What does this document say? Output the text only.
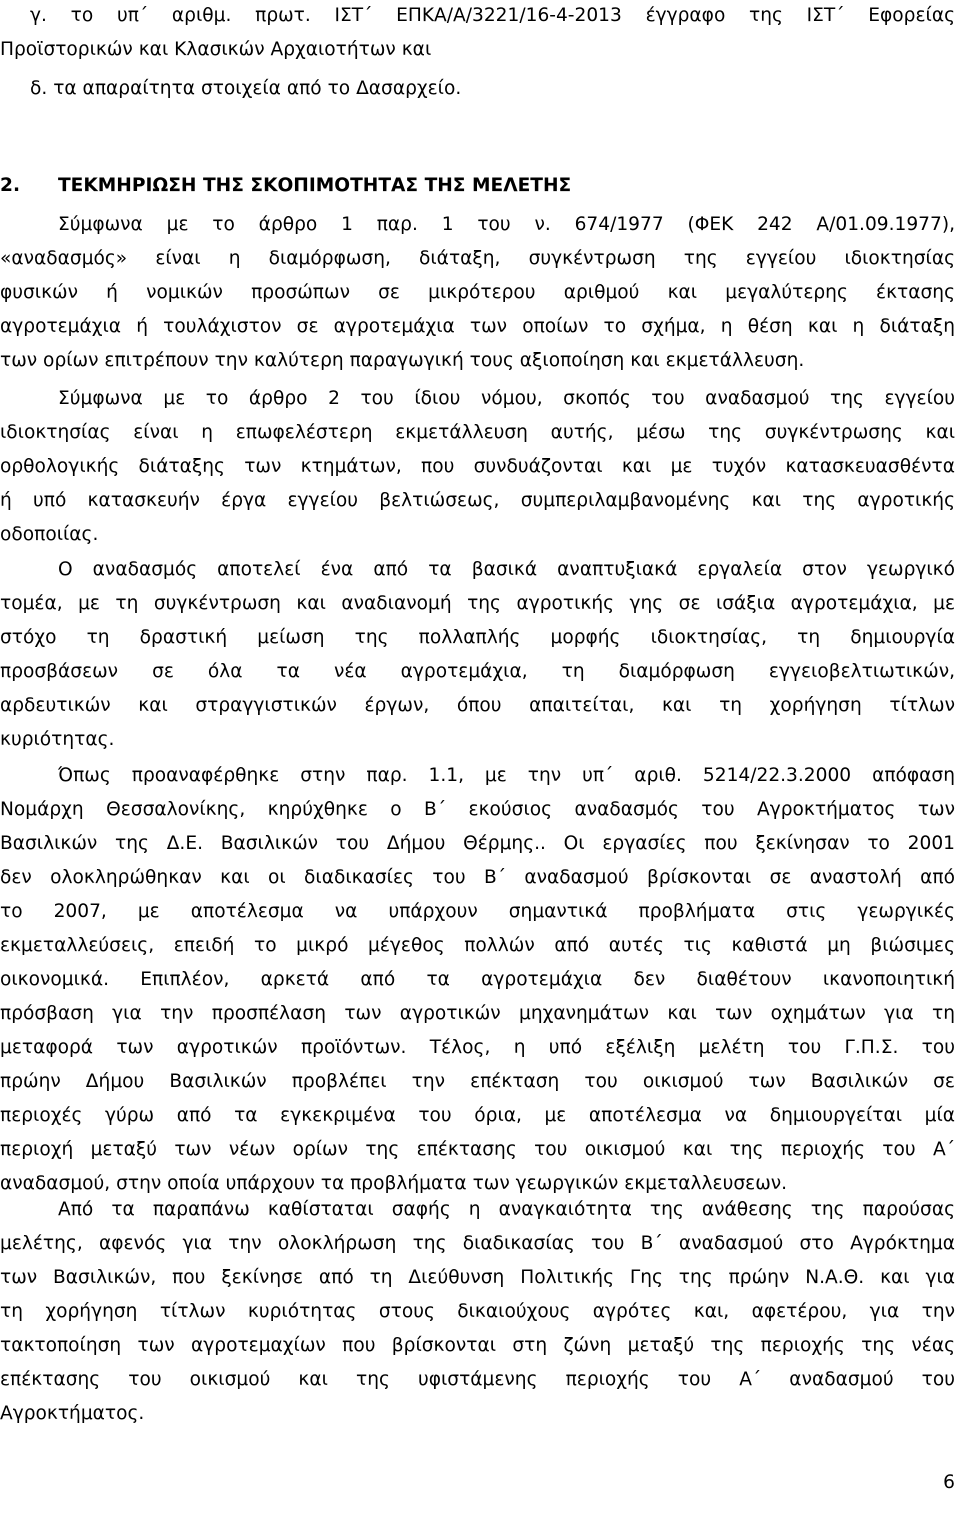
γ. το υπ΄ αριθμ. πρωτ. ΙΣΤ΄ ΕΠΚΑ/Α/3221/16-4-2013 έγγραφο της ΙΣΤ΄ Εφορείας
Προϊστορικών και Κλασικών Αρχαιοτήτων και
δ. τα απαραίτητα στοιχεία από το Δασαρχείο.
2. ΤΕΚΜΗΡΙΩΣΗ ΤΗΣ ΣΚΟΠΙΜΟΤΗΤΑΣ ΤΗΣ ΜΕΛΕΤΗΣ
Σύμφωνα με το άρθρο 1 παρ. 1 του ν. 674/1977 (ΦΕΚ 242 Α/01.09.1977),
«αναδασμός» είναι η διαμόρφωση, διάταξη, συγκέντρωση της εγγείου ιδιοκτησίας
φυσικών ή νομικών προσώπων σε μικρότερου αριθμού και μεγαλύτερης έκτασης
αγροτεμάχια ή τουλάχιστον σε αγροτεμάχια των οποίων το σχήμα, η θέση και η διάταξη
των ορίων επιτρέπουν την καλύτερη παραγωγική τους αξιοποίηση και εκμετάλλευση.
Σύμφωνα με το άρθρο 2 του ίδιου νόμου, σκοπός του αναδασμού της εγγείου
ιδιοκτησίας είναι η επωφελέστερη εκμετάλλευση αυτής, μέσω της συγκέντρωσης και
ορθολογικής διάταξης των κτημάτων, που συνδυάζονται και με τυχόν κατασκευασθέντα
ή υπό κατασκευήν έργα εγγείου βελτιώσεως, συμπεριλαμβανομένης και της αγροτικής
οδοποιίας.
Ο αναδασμός αποτελεί ένα από τα βασικά αναπτυξιακά εργαλεία στον γεωργικό
τομέα, με τη συγκέντρωση και αναδιανομή της αγροτικής γης σε ισάξια αγροτεμάχια, με
στόχο τη δραστική μείωση της πολλαπλής μορφής ιδιοκτησίας, τη δημιουργία
προσβάσεων σε όλα τα νέα αγροτεμάχια, τη διαμόρφωση εγγειοβελτιωτικών,
αρδευτικών και στραγγιστικών έργων, όπου απαιτείται, και τη χορήγηση τίτλων
κυριότητας.
Όπως προαναφέρθηκε στην παρ. 1.1, με την υπ΄ αριθ. 5214/22.3.2000 απόφαση
Νομάρχη Θεσσαλονίκης, κηρύχθηκε ο Β΄ εκούσιος αναδασμός του Αγροκτήματος των
Βασιλικών της Δ.Ε. Βασιλικών του Δήμου Θέρμης.. Οι εργασίες που ξεκίνησαν το 2001
δεν ολοκληρώθηκαν και οι διαδικασίες του Β΄ αναδασμού βρίσκονται σε αναστολή από
το 2007, με αποτέλεσμα να υπάρχουν σημαντικά προβλήματα στις γεωργικές
εκμεταλλεύσεις, επειδή το μικρό μέγεθος πολλών από αυτές τις καθιστά μη βιώσιμες
οικονομικά. Επιπλέον, αρκετά από τα αγροτεμάχια δεν διαθέτουν ικανοποιητική
πρόσβαση για την προσπέλαση των αγροτικών μηχανημάτων και των οχημάτων για τη
μεταφορά των αγροτικών προϊόντων. Τέλος, η υπό εξέλιξη μελέτη του Γ.Π.Σ. του
πρώην Δήμου Βασιλικών προβλέπει την επέκταση του οικισμού των Βασιλικών σε
περιοχές γύρω από τα εγκεκριμένα του όρια, με αποτέλεσμα να δημιουργείται μία
περιοχή μεταξύ των νέων ορίων της επέκτασης του οικισμού και της περιοχής του Α΄
αναδασμού, στην οποία υπάρχουν τα προβλήματα των γεωργικών εκμεταλλευσεων.
Από τα παραπάνω καθίσταται σαφής η αναγκαιότητα της ανάθεσης της παρούσας
μελέτης, αφενός για την ολοκλήρωση της διαδικασίας του Β΄ αναδασμού στο Αγρόκτημα
των Βασιλικών, που ξεκίνησε από τη Διεύθυνση Πολιτικής Γης της πρώην Ν.Α.Θ. και για
τη χορήγηση τίτλων κυριότητας στους δικαιούχους αγρότες και, αφετέρου, για την
τακτοποίηση των αγροτεμαχίων που βρίσκονται στη ζώνη μεταξύ της περιοχής της νέας
επέκτασης του οικισμού και της υφιστάμενης περιοχής του Α΄ αναδασμού του
Αγροκτήματος.
6
